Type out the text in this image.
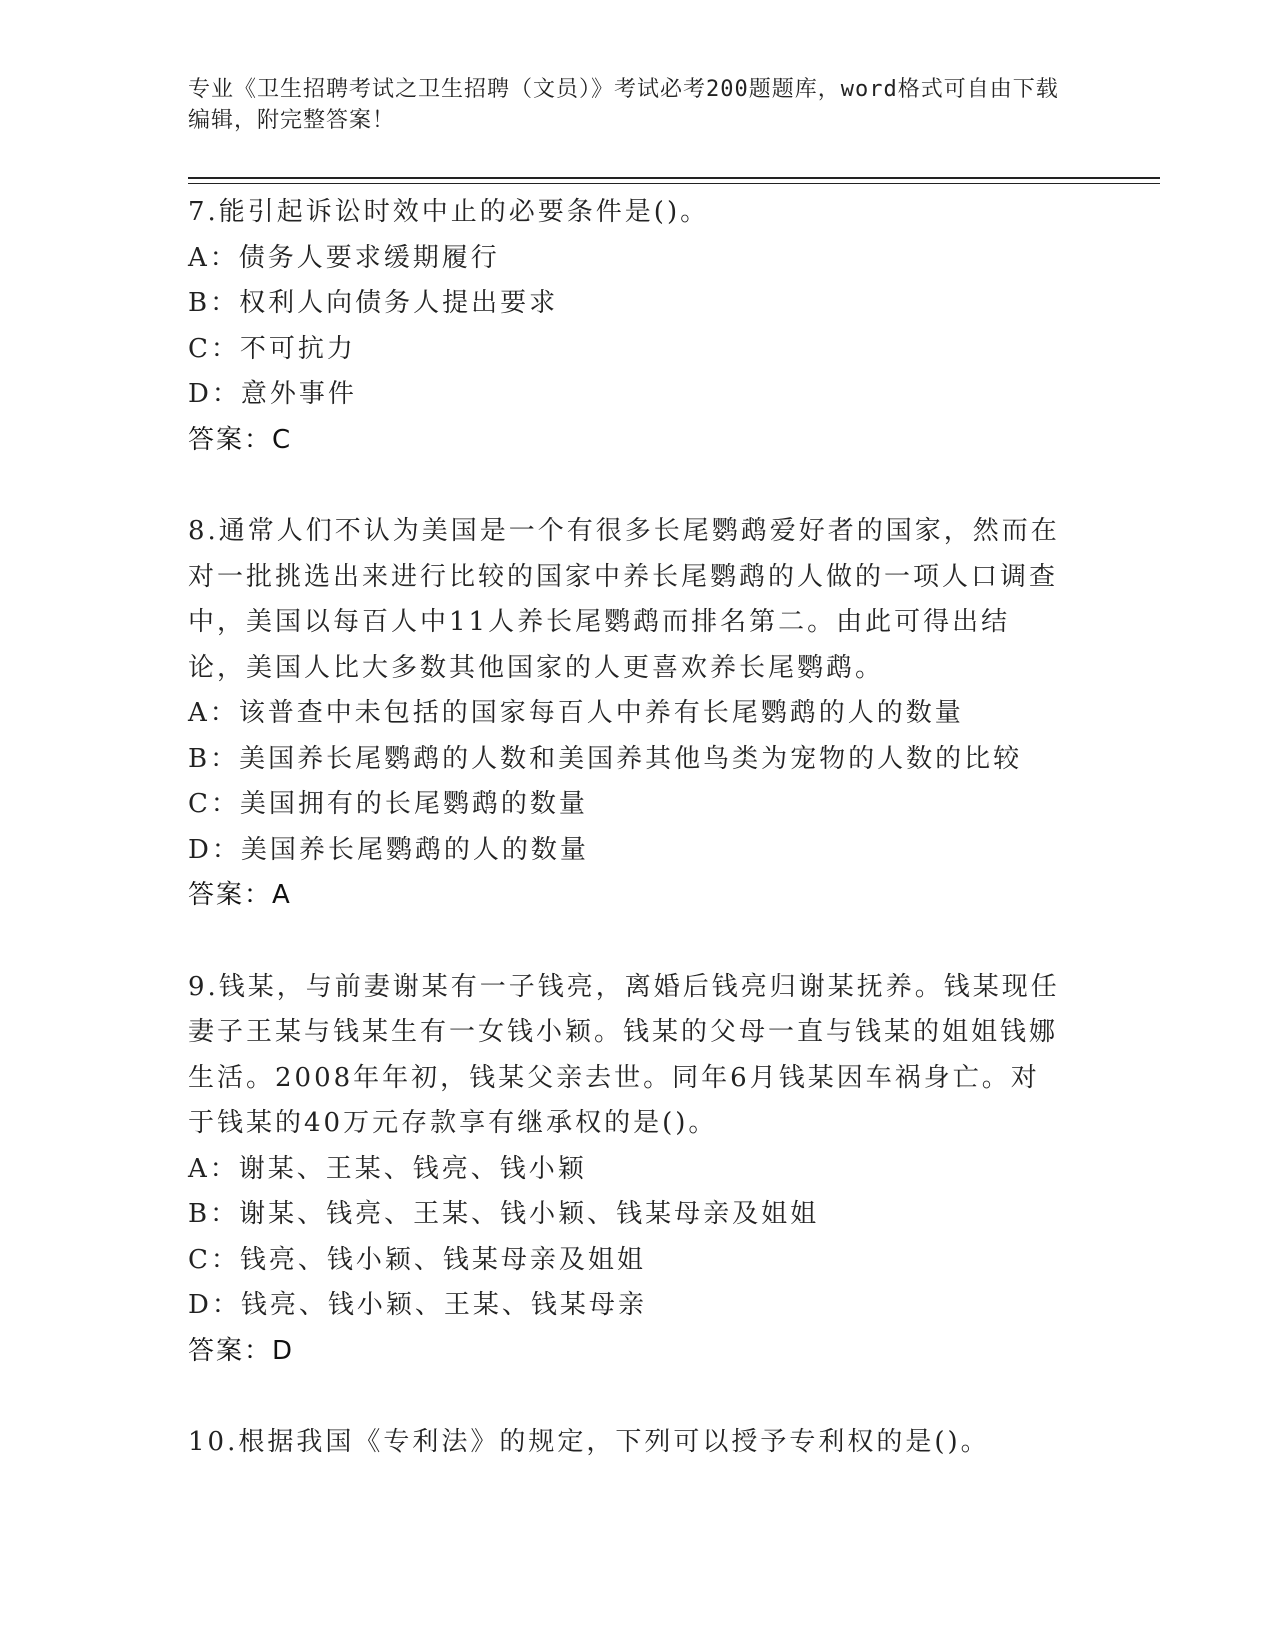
专业《卫生招聘考试之卫生招聘（文员）》考试必考200题题库，word格式可自由下载编辑，附完整答案！
7.能引起诉讼时效中止的必要条件是()。
A：债务人要求缓期履行
B：权利人向债务人提出要求
C：不可抗力
D：意外事件
答案：C
8.通常人们不认为美国是一个有很多长尾鹦鹉爱好者的国家，然而在对一批挑选出来进行比较的国家中养长尾鹦鹉的人做的一项人口调查中，美国以每百人中11人养长尾鹦鹉而排名第二。由此可得出结论，美国人比大多数其他国家的人更喜欢养长尾鹦鹉。
A：该普查中未包括的国家每百人中养有长尾鹦鹉的人的数量
B：美国养长尾鹦鹉的人数和美国养其他鸟类为宠物的人数的比较
C：美国拥有的长尾鹦鹉的数量
D：美国养长尾鹦鹉的人的数量
答案：A
9.钱某，与前妻谢某有一子钱亮，离婚后钱亮归谢某抚养。钱某现任妻子王某与钱某生有一女钱小颖。钱某的父母一直与钱某的姐姐钱娜生活。2008年年初，钱某父亲去世。同年6月钱某因车祸身亡。对于钱某的40万元存款享有继承权的是()。
A：谢某、王某、钱亮、钱小颖
B：谢某、钱亮、王某、钱小颖、钱某母亲及姐姐
C：钱亮、钱小颖、钱某母亲及姐姐
D：钱亮、钱小颖、王某、钱某母亲
答案：D
10.根据我国《专利法》的规定，下列可以授予专利权的是()。
